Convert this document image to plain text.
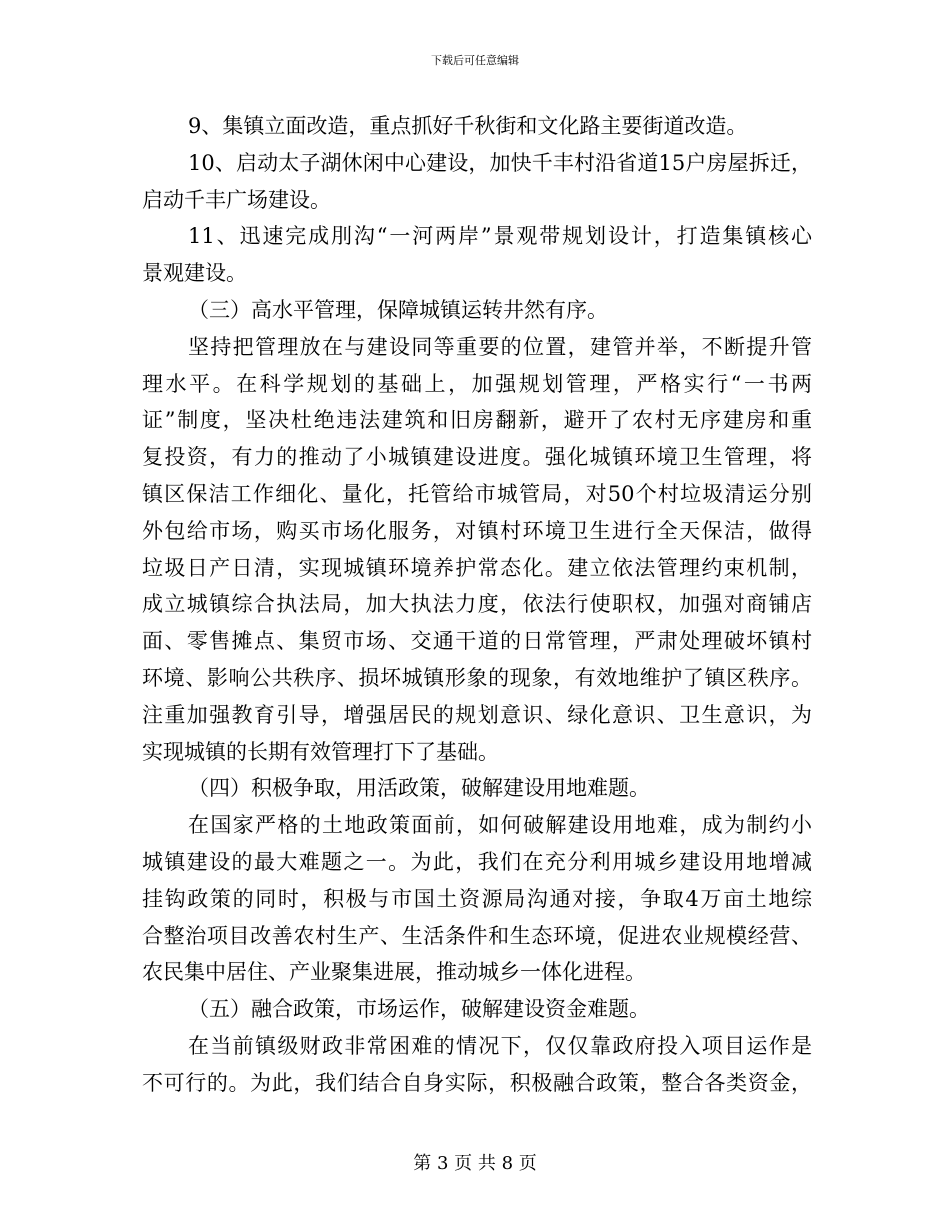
下载后可任意编辑
9、集镇立面改造，重点抓好千秋街和文化路主要街道改造。
10、启动太子湖休闲中心建设，加快千丰村沿省道15户房屋拆迁，
启动千丰广场建设。
11、迅速完成刖沟“一河两岸”景观带规划设计，打造集镇核心
景观建设。
（三）高水平管理，保障城镇运转井然有序。
坚持把管理放在与建设同等重要的位置，建管并举，不断提升管
理水平。在科学规划的基础上，加强规划管理，严格实行“一书两
证”制度，坚决杜绝违法建筑和旧房翻新，避开了农村无序建房和重
复投资，有力的推动了小城镇建设进度。强化城镇环境卫生管理，将
镇区保洁工作细化、量化，托管给市城管局，对50个村垃圾清运分别
外包给市场，购买市场化服务，对镇村环境卫生进行全天保洁，做得
垃圾日产日清，实现城镇环境养护常态化。建立依法管理约束机制，
成立城镇综合执法局，加大执法力度，依法行使职权，加强对商铺店
面、零售摊点、集贸市场、交通干道的日常管理，严肃处理破坏镇村
环境、影响公共秩序、损坏城镇形象的现象，有效地维护了镇区秩序。
注重加强教育引导，增强居民的规划意识、绿化意识、卫生意识，为
实现城镇的长期有效管理打下了基础。
（四）积极争取，用活政策，破解建设用地难题。
在国家严格的土地政策面前，如何破解建设用地难，成为制约小
城镇建设的最大难题之一。为此，我们在充分利用城乡建设用地增减
挂钩政策的同时，积极与市国土资源局沟通对接，争取4万亩土地综
合整治项目改善农村生产、生活条件和生态环境，促进农业规模经营、
农民集中居住、产业聚集进展，推动城乡一体化进程。
（五）融合政策，市场运作，破解建设资金难题。
在当前镇级财政非常困难的情况下，仅仅靠政府投入项目运作是
不可行的。为此，我们结合自身实际，积极融合政策，整合各类资金，
第 3 页 共 8 页
